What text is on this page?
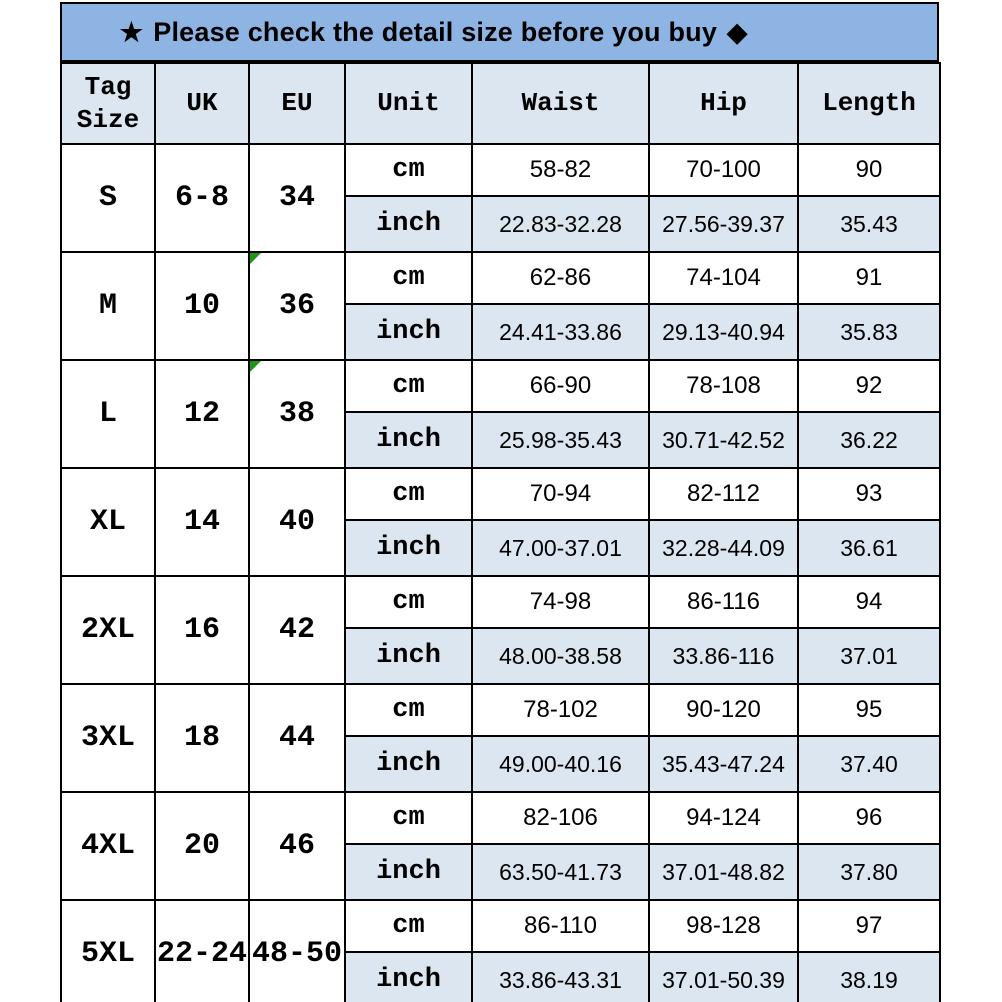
★ Please check the detail size before you buy ◆
Tag Size	UK	EU	Unit	Waist	Hip	Length
S	6-8	34	cm	58-82	70-100	90
			inch	22.83-32.28	27.56-39.37	35.43
M	10	36	cm	62-86	74-104	91
			inch	24.41-33.86	29.13-40.94	35.83
L	12	38	cm	66-90	78-108	92
			inch	25.98-35.43	30.71-42.52	36.22
XL	14	40	cm	70-94	82-112	93
			inch	47.00-37.01	32.28-44.09	36.61
2XL	16	42	cm	74-98	86-116	94
			inch	48.00-38.58	33.86-116	37.01
3XL	18	44	cm	78-102	90-120	95
			inch	49.00-40.16	35.43-47.24	37.40
4XL	20	46	cm	82-106	94-124	96
			inch	63.50-41.73	37.01-48.82	37.80
5XL	22-24	48-50	cm	86-110	98-128	97
			inch	33.86-43.31	37.01-50.39	38.19
